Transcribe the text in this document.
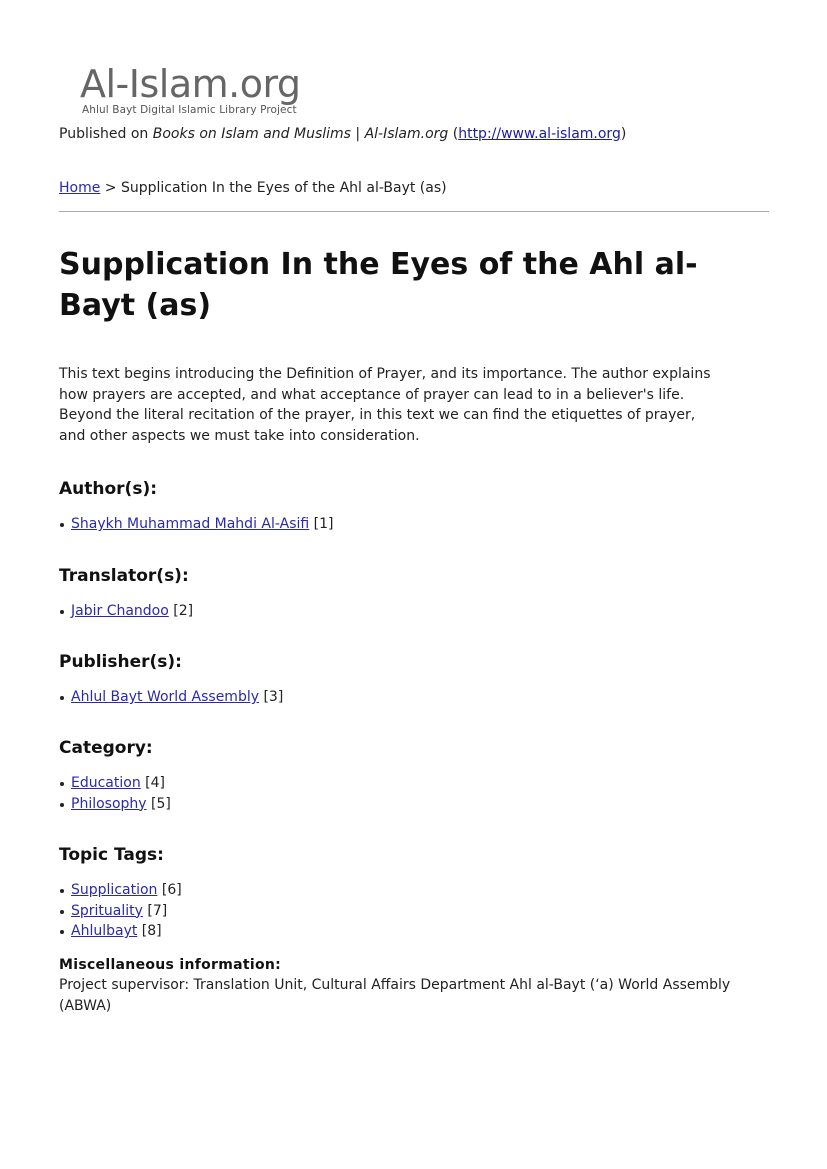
Al-Islam.org
Ahlul Bayt Digital Islamic Library Project
Published on Books on Islam and Muslims | Al-Islam.org (http://www.al-islam.org)
Home > Supplication In the Eyes of the Ahl al-Bayt (as)
Supplication In the Eyes of the Ahl al-Bayt (as)

This text begins introducing the Definition of Prayer, and its importance. The author explains how prayers are accepted, and what acceptance of prayer can lead to in a believer's life. Beyond the literal recitation of the prayer, in this text we can find the etiquettes of prayer, and other aspects we must take into consideration.

Author(s):
Shaykh Muhammad Mahdi Al-Asifi [1]
Translator(s):
Jabir Chandoo [2]
Publisher(s):
Ahlul Bayt World Assembly [3]
Category:
Education [4]
Philosophy [5]
Topic Tags:
Supplication [6]
Sprituality [7]
Ahlulbayt [8]
Miscellaneous information:
Project supervisor: Translation Unit, Cultural Affairs Department Ahl al-Bayt (‘a) World Assembly (ABWA)
